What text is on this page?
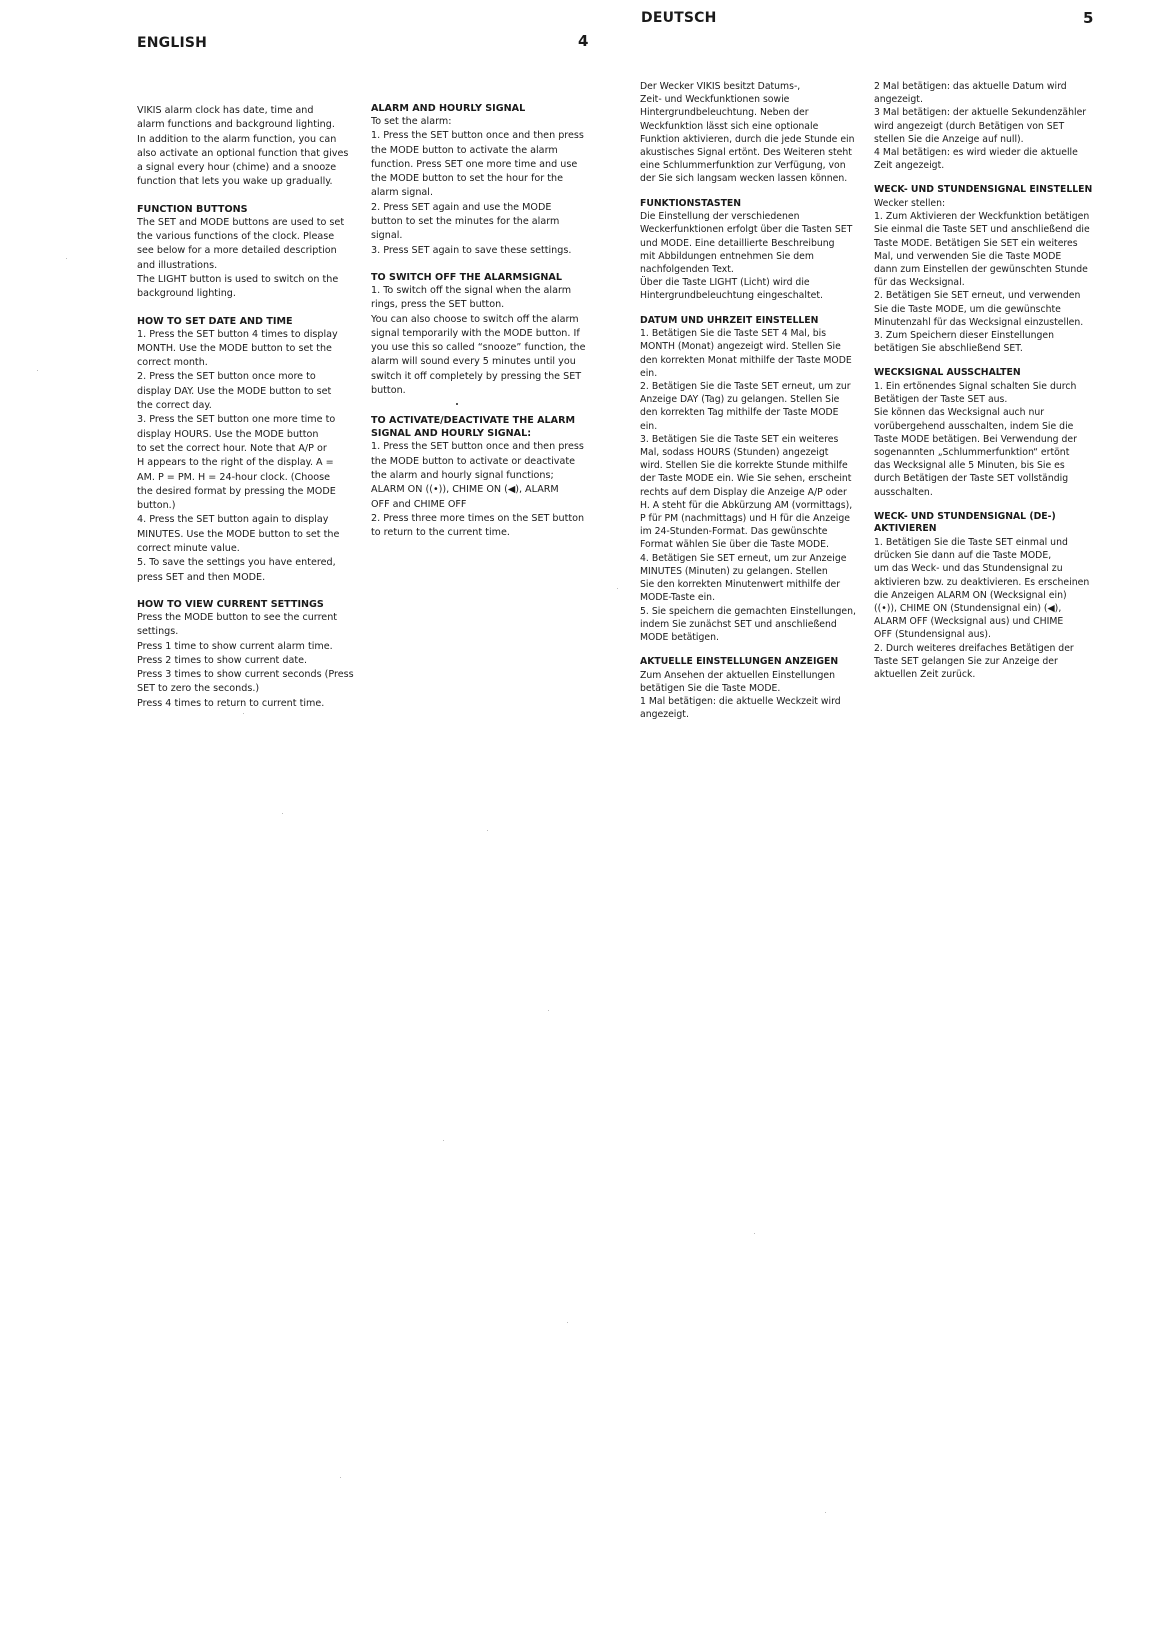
ENGLISH	4
DEUTSCH	5
VIKIS alarm clock has date, time and
alarm functions and background lighting.
In addition to the alarm function, you can
also activate an optional function that gives
a signal every hour (chime) and a snooze
function that lets you wake up gradually.
FUNCTION BUTTONS
The SET and MODE buttons are used to set
the various functions of the clock. Please
see below for a more detailed description
and illustrations.
The LIGHT button is used to switch on the
background lighting.
HOW TO SET DATE AND TIME
1. Press the SET button 4 times to display
MONTH. Use the MODE button to set the
correct month.
2. Press the SET button once more to
display DAY. Use the MODE button to set
the correct day.
3. Press the SET button one more time to
display HOURS. Use the MODE button
to set the correct hour. Note that A/P or
H appears to the right of the display. A =
AM. P = PM. H = 24-hour clock. (Choose
the desired format by pressing the MODE
button.)
4. Press the SET button again to display
MINUTES. Use the MODE button to set the
correct minute value.
5. To save the settings you have entered,
press SET and then MODE.
HOW TO VIEW CURRENT SETTINGS
Press the MODE button to see the current
settings.
Press 1 time to show current alarm time.
Press 2 times to show current date.
Press 3 times to show current seconds (Press
SET to zero the seconds.)
Press 4 times to return to current time.
ALARM AND HOURLY SIGNAL
To set the alarm:
1. Press the SET button once and then press
the MODE button to activate the alarm
function. Press SET one more time and use
the MODE button to set the hour for the
alarm signal.
2. Press SET again and use the MODE
button to set the minutes for the alarm
signal.
3. Press SET again to save these settings.
TO SWITCH OFF THE ALARMSIGNAL
1. To switch off the signal when the alarm
rings, press the SET button.
You can also choose to switch off the alarm
signal temporarily with the MODE button. If
you use this so called “snooze” function, the
alarm will sound every 5 minutes until you
switch it off completely by pressing the SET
button.
TO ACTIVATE/DEACTIVATE THE ALARM
SIGNAL AND HOURLY SIGNAL:
1. Press the SET button once and then press
the MODE button to activate or deactivate
the alarm and hourly signal functions;
ALARM ON ((•)), CHIME ON (◀), ALARM
OFF and CHIME OFF
2. Press three more times on the SET button
to return to the current time.
Der Wecker VIKIS besitzt Datums-,
Zeit- und Weckfunktionen sowie
Hintergrundbeleuchtung. Neben der
Weckfunktion lässt sich eine optionale
Funktion aktivieren, durch die jede Stunde ein
akustisches Signal ertönt. Des Weiteren steht
eine Schlummerfunktion zur Verfügung, von
der Sie sich langsam wecken lassen können.
FUNKTIONSTASTEN
Die Einstellung der verschiedenen
Weckerfunktionen erfolgt über die Tasten SET
und MODE. Eine detaillierte Beschreibung
mit Abbildungen entnehmen Sie dem
nachfolgenden Text.
Über die Taste LIGHT (Licht) wird die
Hintergrundbeleuchtung eingeschaltet.
DATUM UND UHRZEIT EINSTELLEN
1. Betätigen Sie die Taste SET 4 Mal, bis
MONTH (Monat) angezeigt wird. Stellen Sie
den korrekten Monat mithilfe der Taste MODE
ein.
2. Betätigen Sie die Taste SET erneut, um zur
Anzeige DAY (Tag) zu gelangen. Stellen Sie
den korrekten Tag mithilfe der Taste MODE
ein.
3. Betätigen Sie die Taste SET ein weiteres
Mal, sodass HOURS (Stunden) angezeigt
wird. Stellen Sie die korrekte Stunde mithilfe
der Taste MODE ein. Wie Sie sehen, erscheint
rechts auf dem Display die Anzeige A/P oder
H. A steht für die Abkürzung AM (vormittags),
P für PM (nachmittags) und H für die Anzeige
im 24-Stunden-Format. Das gewünschte
Format wählen Sie über die Taste MODE.
4. Betätigen Sie SET erneut, um zur Anzeige
MINUTES (Minuten) zu gelangen. Stellen
Sie den korrekten Minutenwert mithilfe der
MODE-Taste ein.
5. Sie speichern die gemachten Einstellungen,
indem Sie zunächst SET und anschließend
MODE betätigen.
AKTUELLE EINSTELLUNGEN ANZEIGEN
Zum Ansehen der aktuellen Einstellungen
betätigen Sie die Taste MODE.
1 Mal betätigen: die aktuelle Weckzeit wird
angezeigt.
2 Mal betätigen: das aktuelle Datum wird
angezeigt.
3 Mal betätigen: der aktuelle Sekundenzähler
wird angezeigt (durch Betätigen von SET
stellen Sie die Anzeige auf null).
4 Mal betätigen: es wird wieder die aktuelle
Zeit angezeigt.
WECK- UND STUNDENSIGNAL EINSTELLEN
Wecker stellen:
1. Zum Aktivieren der Weckfunktion betätigen
Sie einmal die Taste SET und anschließend die
Taste MODE. Betätigen Sie SET ein weiteres
Mal, und verwenden Sie die Taste MODE
dann zum Einstellen der gewünschten Stunde
für das Wecksignal.
2. Betätigen Sie SET erneut, und verwenden
Sie die Taste MODE, um die gewünschte
Minutenzahl für das Wecksignal einzustellen.
3. Zum Speichern dieser Einstellungen
betätigen Sie abschließend SET.
WECKSIGNAL AUSSCHALTEN
1. Ein ertönendes Signal schalten Sie durch
Betätigen der Taste SET aus.
Sie können das Wecksignal auch nur
vorübergehend ausschalten, indem Sie die
Taste MODE betätigen. Bei Verwendung der
sogenannten „Schlummerfunktion“ ertönt
das Wecksignal alle 5 Minuten, bis Sie es
durch Betätigen der Taste SET vollständig
ausschalten.
WECK- UND STUNDENSIGNAL (DE-)
AKTIVIEREN
1. Betätigen Sie die Taste SET einmal und
drücken Sie dann auf die Taste MODE,
um das Weck- und das Stundensignal zu
aktivieren bzw. zu deaktivieren. Es erscheinen
die Anzeigen ALARM ON (Wecksignal ein)
((•)), CHIME ON (Stundensignal ein) (◀),
ALARM OFF (Wecksignal aus) und CHIME
OFF (Stundensignal aus).
2. Durch weiteres dreifaches Betätigen der
Taste SET gelangen Sie zur Anzeige der
aktuellen Zeit zurück.
